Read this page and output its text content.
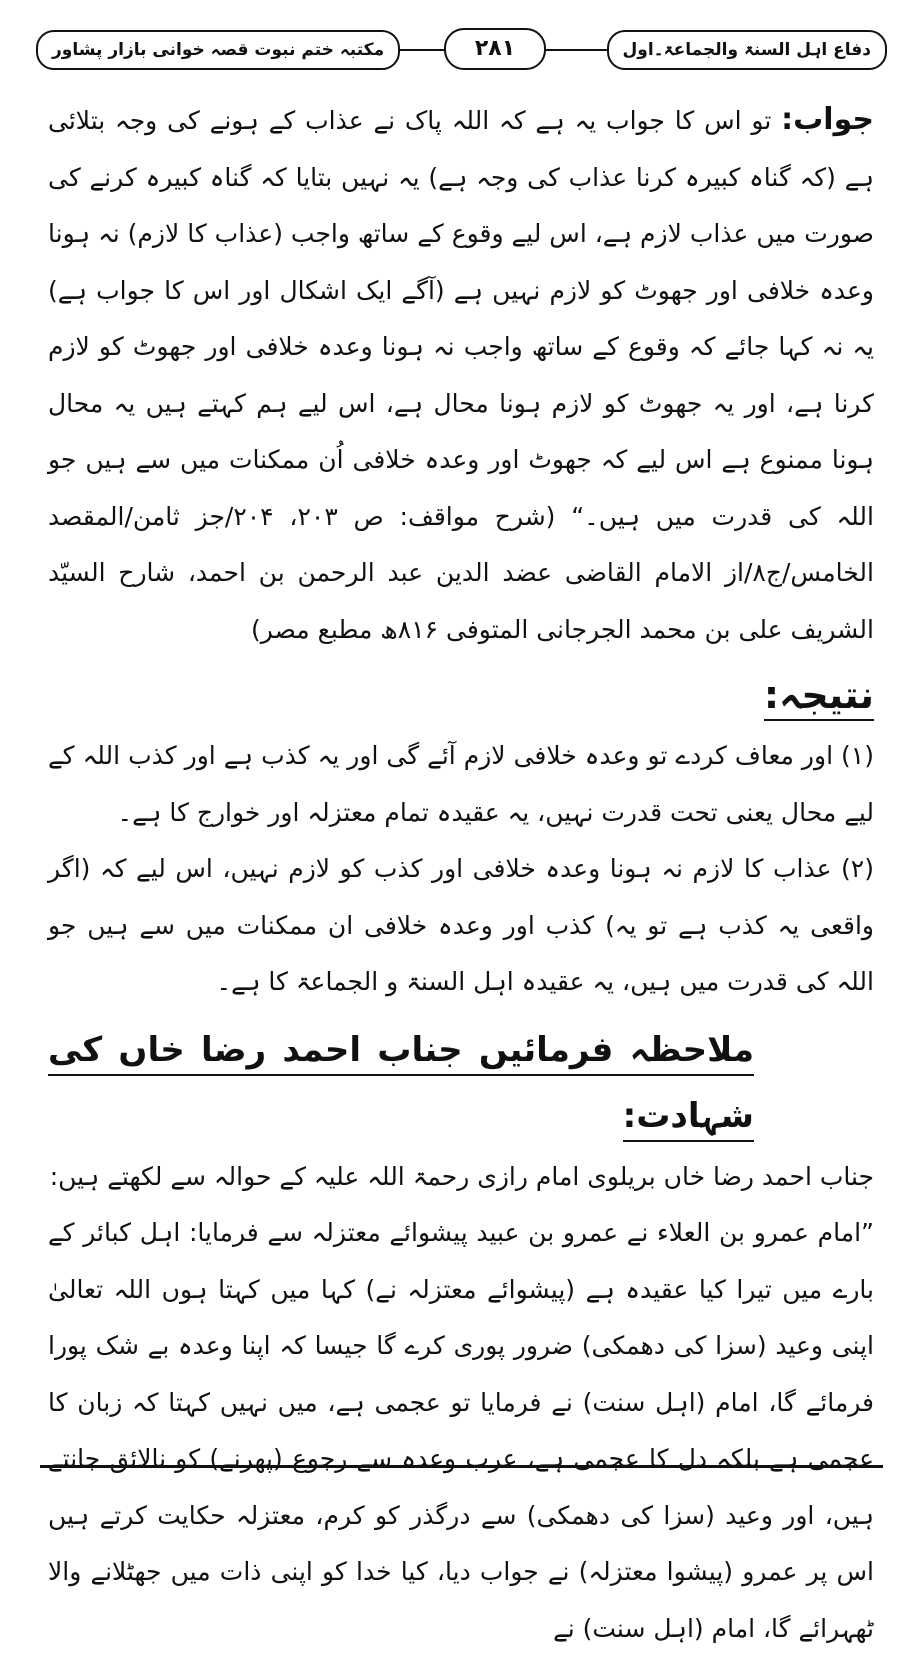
دفاع اہل السنۃ والجماعۃ۔اول
۲۸۱
مکتبہ ختم نبوت قصہ خوانی بازار پشاور

جواب: تو اس کا جواب یہ ہے کہ اللہ پاک نے عذاب کے ہونے کی وجہ بتلائی ہے (کہ گناہ کبیرہ کرنا عذاب کی وجہ ہے) یہ نہیں بتایا کہ گناہ کبیرہ کرنے کی صورت میں عذاب لازم ہے، اس لیے وقوع کے ساتھ واجب (عذاب کا لازم) نہ ہونا وعدہ خلافی اور جھوٹ کو لازم نہیں ہے (آگے ایک اشکال اور اس کا جواب ہے) یہ نہ کہا جائے کہ وقوع کے ساتھ واجب نہ ہونا وعدہ خلافی اور جھوٹ کو لازم کرنا ہے، اور یہ جھوٹ کو لازم ہونا محال ہے، اس لیے ہم کہتے ہیں یہ محال ہونا ممنوع ہے اس لیے کہ جھوٹ اور وعدہ خلافی اُن ممکنات میں سے ہیں جو اللہ کی قدرت میں ہیں۔“ (شرح مواقف: ص ۲۰۳، ۲۰۴/جز ثامن/المقصد الخامس/ج۸/از الامام القاضی عضد الدین عبد الرحمن بن احمد، شارح السیّد الشریف علی بن محمد الجرجانی المتوفی ۸۱۶ھ مطبع مصر)

نتیجہ:

(۱) اور معاف کردے تو وعدہ خلافی لازم آئے گی اور یہ کذب ہے اور کذب اللہ کے لیے محال یعنی تحت قدرت نہیں، یہ عقیدہ تمام معتزلہ اور خوارج کا ہے۔

(۲) عذاب کا لازم نہ ہونا وعدہ خلافی اور کذب کو لازم نہیں، اس لیے کہ (اگر واقعی یہ کذب ہے تو یہ) کذب اور وعدہ خلافی ان ممکنات میں سے ہیں جو اللہ کی قدرت میں ہیں، یہ عقیدہ اہل السنۃ و الجماعۃ کا ہے۔

ملاحظہ فرمائیں جناب احمد رضا خاں کی شہادت:

جناب احمد رضا خاں بریلوی امام رازی رحمۃ اللہ علیہ کے حوالہ سے لکھتے ہیں:

”امام عمرو بن العلاء نے عمرو بن عبید پیشوائے معتزلہ سے فرمایا: اہل کبائر کے بارے میں تیرا کیا عقیدہ ہے (پیشوائے معتزلہ نے) کہا میں کہتا ہوں اللہ تعالیٰ اپنی وعید (سزا کی دھمکی) ضرور پوری کرے گا جیسا کہ اپنا وعدہ بے شک پورا فرمائے گا، امام (اہل سنت) نے فرمایا تو عجمی ہے، میں نہیں کہتا کہ زبان کا عجمی ہے بلکہ دل کا عجمی ہے، عرب وعدہ سے رجوع (پھرنے) کو نالائق جانتے ہیں، اور وعید (سزا کی دھمکی) سے درگذر کو کرم، معتزلہ حکایت کرتے ہیں اس پر عمرو (پیشوا معتزلہ) نے جواب دیا، کیا خدا کو اپنی ذات میں جھٹلانے والا ٹھہرائے گا، امام (اہل سنت) نے
